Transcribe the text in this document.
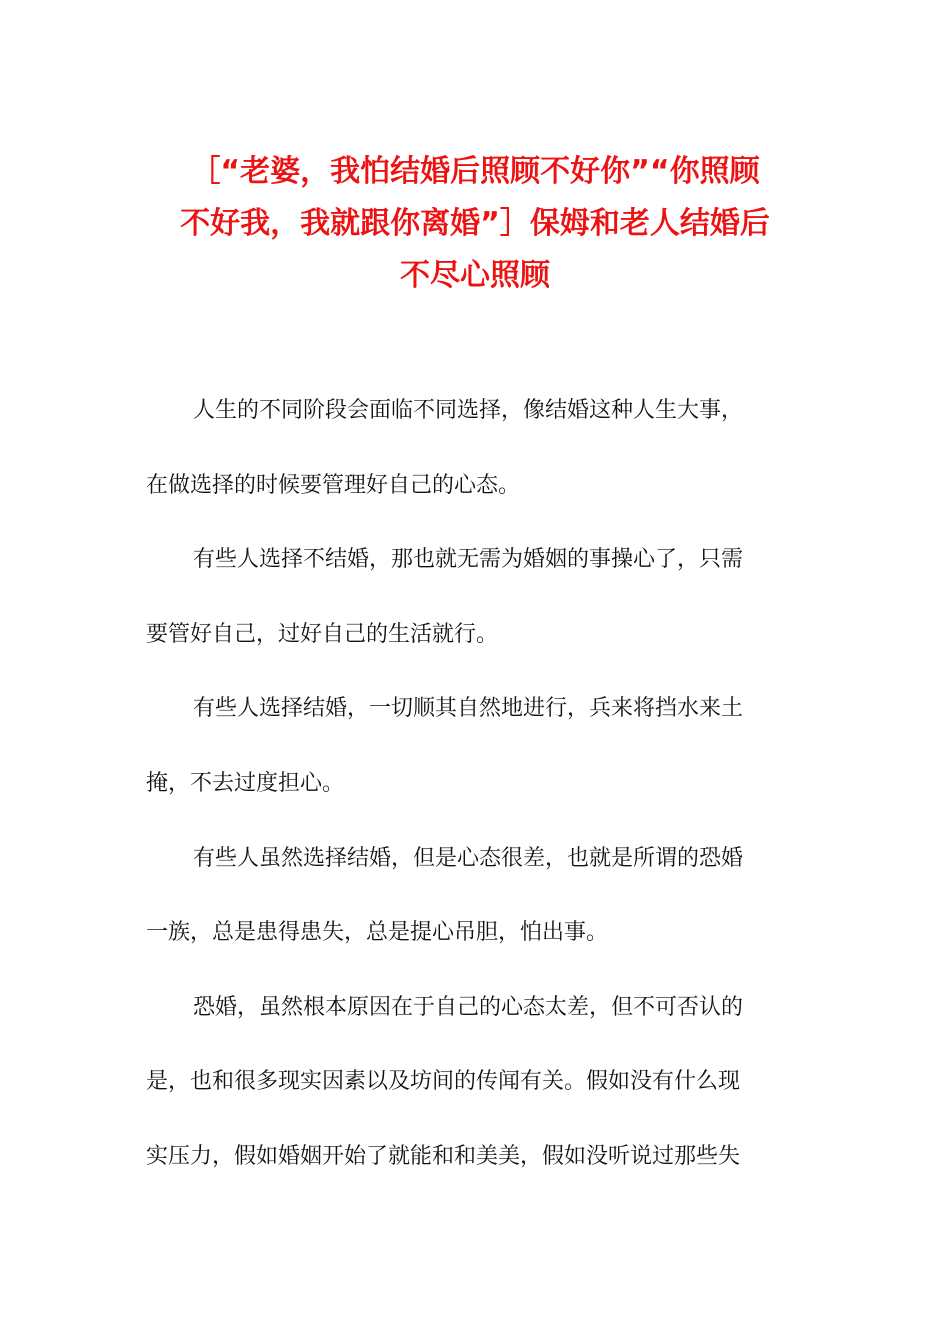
［“老婆，我怕结婚后照顾不好你”“你照顾
不好我，我就跟你离婚”］保姆和老人结婚后
不尽心照顾
人生的不同阶段会面临不同选择，像结婚这种人生大事，
在做选择的时候要管理好自己的心态。
有些人选择不结婚，那也就无需为婚姻的事操心了，只需
要管好自己，过好自己的生活就行。
有些人选择结婚，一切顺其自然地进行，兵来将挡水来土
掩，不去过度担心。
有些人虽然选择结婚，但是心态很差，也就是所谓的恐婚
一族，总是患得患失，总是提心吊胆，怕出事。
恐婚，虽然根本原因在于自己的心态太差，但不可否认的
是，也和很多现实因素以及坊间的传闻有关。假如没有什么现
实压力，假如婚姻开始了就能和和美美，假如没听说过那些失
